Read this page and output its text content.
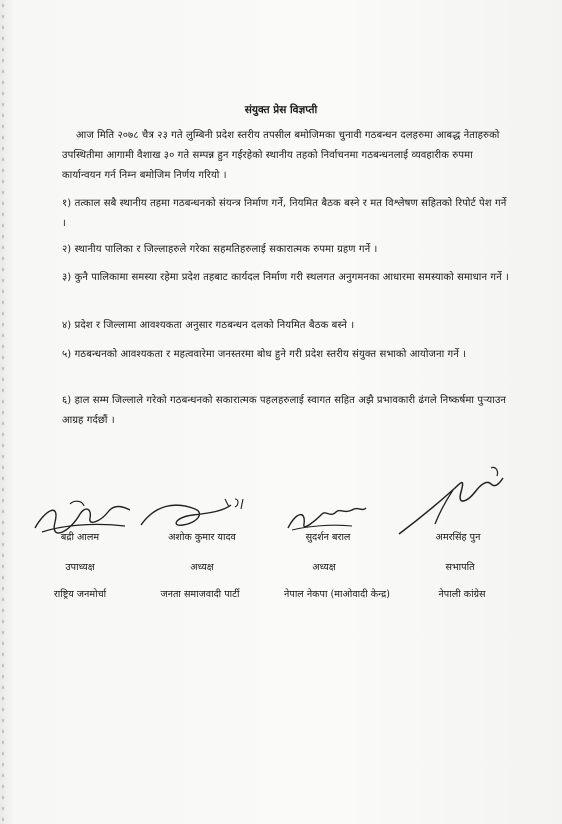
संयुक्त प्रेस विज्ञप्ती
आज मिति २०७८ चैत्र २३ गते लुम्बिनी प्रदेश स्तरीय तपसील बमोजिमका चुनावी गठबन्धन दलहरुमा आबद्ध नेताहरुको उपस्थितीमा आगामी वैशाख ३० गते सम्पन्न हुन गईरहेको स्थानीय तहको निर्वाचनमा गठबन्धनलाई व्यवहारीक रुपमा कार्यान्वयन गर्न निम्न बमोजिम निर्णय गरियो ।
१) तत्काल सबै स्थानीय तहमा गठबन्धनको संयन्त्र निर्माण गर्ने, नियमित बैठक बस्ने र मत विश्लेषण सहितको रिपोर्ट पेश गर्ने ।
२) स्थानीय पालिका र जिल्लाहरुले गरेका सहमतिहरुलाई सकारात्मक रुपमा ग्रहण गर्ने ।
३) कुनै पालिकामा समस्या रहेमा प्रदेश तहबाट कार्यदल निर्माण गरी स्थलगत अनुगमनका आधारमा समस्याको समाधान गर्ने ।
४) प्रदेश र जिल्लामा आवश्यकता अनुसार गठबन्धन दलको नियमित बैठक बस्ने ।
५) गठबन्धनको आवश्यकता र महत्ववारेमा जनस्तरमा बोध हुने गरी प्रदेश स्तरीय संयुक्त सभाको आयोजना गर्ने ।
६) हाल सम्म जिल्लाले गरेको गठबन्धनको सकारात्मक पहलहरुलाई स्वागत सहित अझै प्रभावकारी ढंगले निष्कर्षमा पुऱ्याउन आग्रह गर्दछौं ।
बद्री आलम	अशोक कुमार यादव	सुदर्शन बराल	अमरसिंह पुन
उपाध्यक्ष	अध्यक्ष	अध्यक्ष	सभापति
राष्ट्रिय जनमोर्चा	जनता समाजवादी पार्टी	नेपाल नेकपा (माओवादी केन्द्र)	नेपाली कांग्रेस
